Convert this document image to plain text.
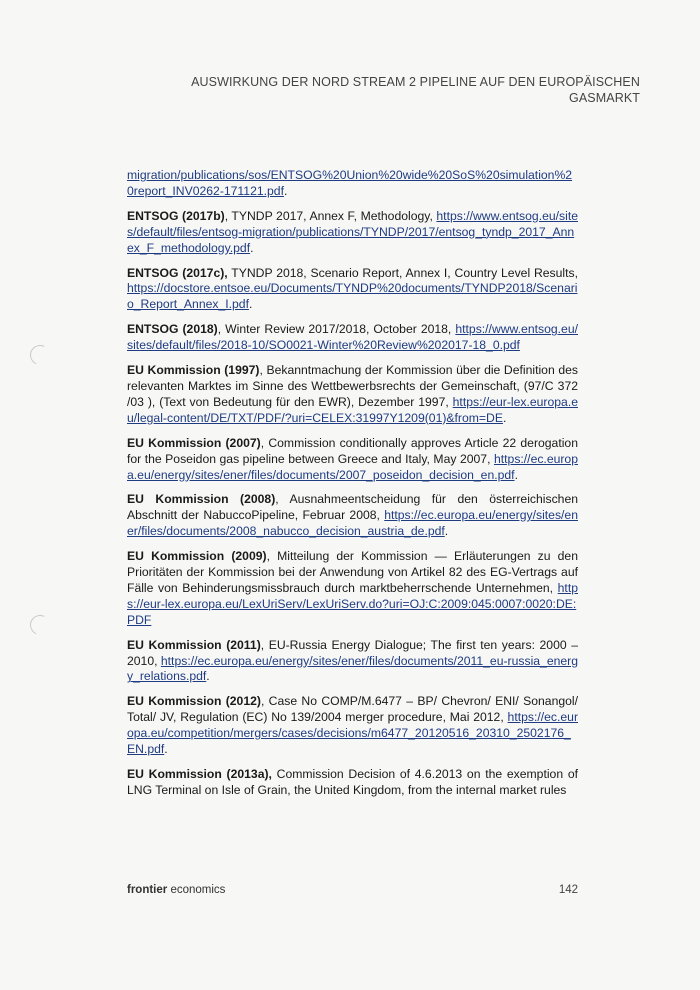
AUSWIRKUNG DER NORD STREAM 2 PIPELINE AUF DEN EUROPÄISCHEN
GASMARKT

migration/publications/sos/ENTSOG%20Union%20wide%20SoS%20simulation%20report_INV0262-171121.pdf.

ENTSOG (2017b), TYNDP 2017, Annex F, Methodology, https://www.entsog.eu/sites/default/files/entsog-migration/publications/TYNDP/2017/entsog_tyndp_2017_Annex_F_methodology.pdf.

ENTSOG (2017c), TYNDP 2018, Scenario Report, Annex I, Country Level Results, https://docstore.entsoe.eu/Documents/TYNDP%20documents/TYNDP2018/Scenario_Report_Annex_I.pdf.

ENTSOG (2018), Winter Review 2017/2018, October 2018, https://www.entsog.eu/sites/default/files/2018-10/SO0021-Winter%20Review%202017-18_0.pdf

EU Kommission (1997), Bekanntmachung der Kommission über die Definition des relevanten Marktes im Sinne des Wettbewerbsrechts der Gemeinschaft, (97/C 372 /03 ), (Text von Bedeutung für den EWR), Dezember 1997, https://eur-lex.europa.eu/legal-content/DE/TXT/PDF/?uri=CELEX:31997Y1209(01)&from=DE.

EU Kommission (2007), Commission conditionally approves Article 22 derogation for the Poseidon gas pipeline between Greece and Italy, May 2007, https://ec.europa.eu/energy/sites/ener/files/documents/2007_poseidon_decision_en.pdf.

EU Kommission (2008), Ausnahmeentscheidung für den österreichischen Abschnitt der NabuccoPipeline, Februar 2008, https://ec.europa.eu/energy/sites/ener/files/documents/2008_nabucco_decision_austria_de.pdf.

EU Kommission (2009), Mitteilung der Kommission — Erläuterungen zu den Prioritäten der Kommission bei der Anwendung von Artikel 82 des EG-Vertrags auf Fälle von Behinderungsmissbrauch durch marktbeherrschende Unternehmen, https://eur-lex.europa.eu/LexUriServ/LexUriServ.do?uri=OJ:C:2009:045:0007:0020:DE:PDF

EU Kommission (2011), EU-Russia Energy Dialogue; The first ten years: 2000 – 2010, https://ec.europa.eu/energy/sites/ener/files/documents/2011_eu-russia_energy_relations.pdf.

EU Kommission (2012), Case No COMP/M.6477 – BP/ Chevron/ ENI/ Sonangol/ Total/ JV, Regulation (EC) No 139/2004 merger procedure, Mai 2012, https://ec.europa.eu/competition/mergers/cases/decisions/m6477_20120516_20310_2502176_EN.pdf.

EU Kommission (2013a), Commission Decision of 4.6.2013 on the exemption of LNG Terminal on Isle of Grain, the United Kingdom, from the internal market rules

frontier economics	142
